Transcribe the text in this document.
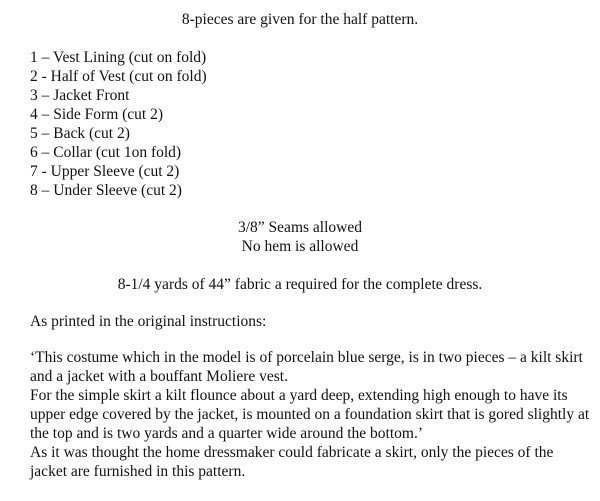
8-pieces are given for the half pattern.
1 – Vest Lining (cut on fold)
2 - Half of Vest (cut on fold)
3 – Jacket Front
4 – Side Form (cut 2)
5 – Back (cut 2)
6 – Collar (cut 1on fold)
7 - Upper Sleeve (cut 2)
8 – Under Sleeve (cut 2)
3/8” Seams allowed
No hem is allowed
8-1/4 yards of 44” fabric a required for the complete dress.

As printed in the original instructions:

‘This costume which in the model is of porcelain blue serge, is in two pieces – a kilt skirt and a jacket with a bouffant Moliere vest.
For the simple skirt a kilt flounce about a yard deep, extending high enough to have its upper edge covered by the jacket, is mounted on a foundation skirt that is gored slightly at the top and is two yards and a quarter wide around the bottom.’

As it was thought the home dressmaker could fabricate a skirt, only the pieces of the jacket are furnished in this pattern.
